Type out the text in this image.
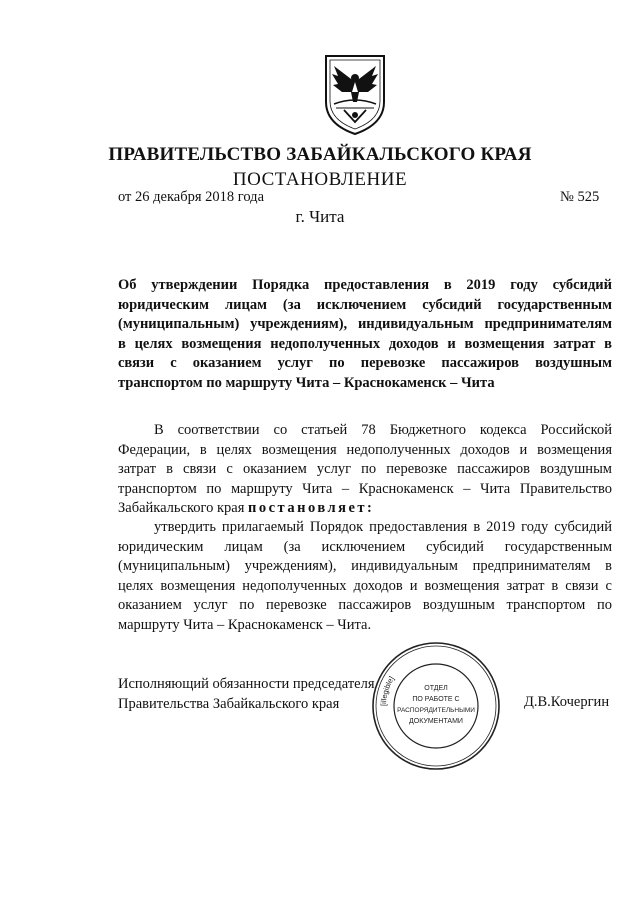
ПРАВИТЕЛЬСТВО ЗАБАЙКАЛЬСКОГО КРАЯ
ПОСТАНОВЛЕНИЕ
от 26 декабря 2018 года	№ 525
г. Чита
Об утверждении Порядка предоставления в 2019 году субсидий
юридическим лицам (за исключением субсидий государственным
(муниципальным) учреждениям), индивидуальным предпринимателям
в целях возмещения недополученных доходов и возмещения затрат в
связи с оказанием услуг по перевозке пассажиров воздушным
транспортом по маршруту Чита – Краснокаменск – Чита
В соответствии со статьей 78 Бюджетного кодекса Российской
Федерации, в целях возмещения недополученных доходов и возмещения
затрат в связи с оказанием услуг по перевозке пассажиров воздушным
транспортом по маршруту Чита – Краснокаменск – Чита Правительство
Забайкальского края постановляет:
утвердить прилагаемый Порядок предоставления в 2019 году субсидий
юридическим лицам (за исключением субсидий государственным
(муниципальным) учреждениям), индивидуальным предпринимателям в
целях возмещения недополученных доходов и возмещения затрат в связи с
оказанием услуг по перевозке пассажиров воздушным транспортом по
маршруту Чита – Краснокаменск – Чита.
Исполняющий обязанности председателя
Правительства Забайкальского края	Д.В.Кочергин
[illegible]
ОТДЕЛ
ПО РАБОТЕ С
РАСПОРЯДИТЕЛЬНЫМИ
ДОКУМЕНТАМИ
